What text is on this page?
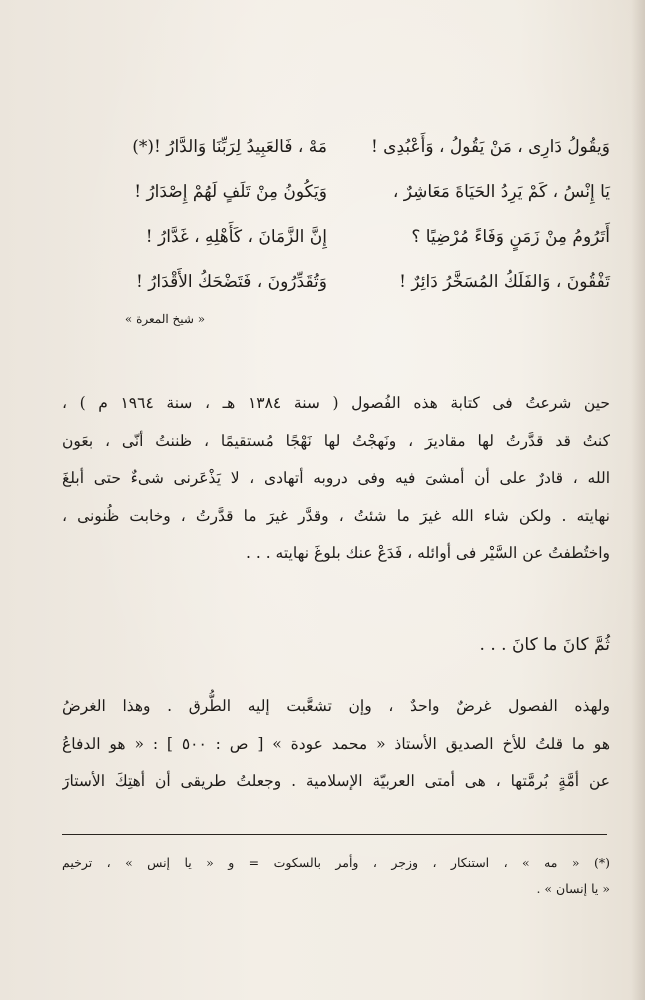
وَيقُولُ دَارِى ، مَنْ يَقُولُ ، وَأَعْبُدِى !
مَهْ ، فَالعَبِيدُ لِرَبِّنَا وَالدَّارُ !(*)
يَا إِنْسُ ، كَمْ يَرِدُ الحَيَاةَ مَعَاشِرٌ ،
وَيَكُونُ مِنْ تَلَفٍ لَهُمْ إِصْدَارُ !
أَتَرُومُ مِنْ زَمَنٍ وَفَاءً مُرْضِيًا ؟
إِنَّ الزَّمَانَ ، كَأَهْلِهِ ، غَدَّارُ !
تَفْقُونَ ، وَالفَلَكُ المُسَخَّرُ دَائِرٌ !
وَتُقَدِّرُونَ ، فَتَضْحَكُ الأَقْدَارُ !
« شيخ المعرة »
حين شرعتُ فى كتابة هذه الفُصول ( سنة ١٣٨٤ هـ ، سنة ١٩٦٤ م ) ،
كنتُ قد قدَّرتُ لها مقاديرَ ، ونَهجْتُ لها نَهْجًا مُستقيمًا ، ظننتُ أنّى ، بعَون
الله ، قادرٌ على أن أمشىَ فيه وفى دروبه أتهادى ، لا يَذْعَرنى شىءٌ حتى أبلغَ
نهايته . ولكن شاء الله غيرَ ما شئتُ ، وقدَّر غيرَ ما قدَّرتُ ، وخابت ظُنونى ،
واختُطفتُ عن السَّيْر فى أوائله ، فَدَعْ عنك بلوغَ نهايته . . .
ثُمَّ كانَ ما كانَ . . .
ولهذه الفصول غرضٌ واحدٌ ، وإن تشعَّبت إليه الطُّرق . وهذا الغرضُ
هو ما قلتُ للأخ الصديق الأستاذ « محمد عودة » [ ص : ٥٠٠ ] : « هو الدفاعُ
عن أمَّةٍ بُرمَّتها ، هى أمتى العربيّة الإسلامية . وجعلتُ طريقى أن أهتِكَ الأستارَ
(*) « مه » ، استنكار ، وزجر ، وأمر بالسكوت = و « يا إنس » ، ترخيم
« يا إنسان » .
